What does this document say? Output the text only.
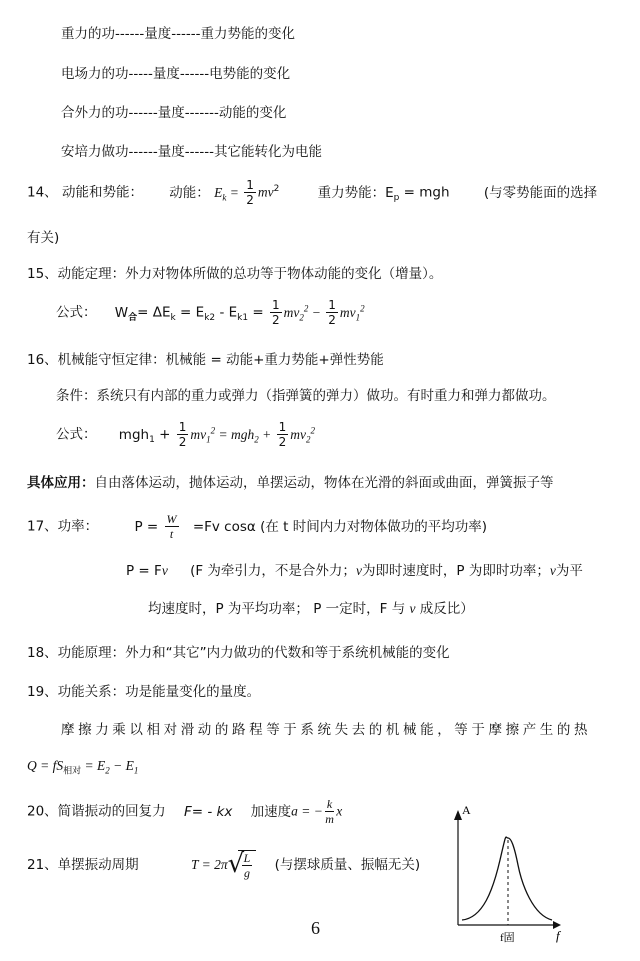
重力的功------量度------重力势能的变化
电场力的功-----量度------电势能的变化
合外力的功------量度-------动能的变化
安培力做功------量度------其它能转化为电能
14、 动能和势能： 动能： $E_k = \frac{1}{2} mv^2$	重力势能：$E_p$ = mgh	(与零势能面的选择
有关)
15、动能定理：外力对物体所做的总功等于物体动能的变化（增量）。
公式： $W_合= \Delta E_k = E_{k2} - E_{k1} = \frac{1}{2} mv_2^2 - \frac{1}{2} mv_1^2$
16、机械能守恒定律：机械能 = 动能+重力势能+弹性势能
条件：系统只有内部的重力或弹力（指弹簧的弹力）做功。有时重力和弹力都做功。
公式： $mgh_1 + \frac{1}{2} mv_1^2 = mgh_2 + \frac{1}{2} mv_2^2$
具体应用：自由落体运动，抛体运动，单摆运动，物体在光滑的斜面或曲面，弹簧振子等
17、功率：	$P = \frac{W}{t} =Fv$ cosα (在 t 时间内力对物体做功的平均功率)
P = Fv (F 为牵引力，不是合外力；v为即时速度时，P 为即时功率；v为平
均速度时，P 为平均功率； P 一定时，F 与 v 成反比）
18、功能原理：外力和“其它”内力做功的代数和等于系统机械能的变化
19、功能关系：功是能量变化的量度。
摩擦力乘以相对滑动的路程等于系统失去的机械能，等于摩擦产生的热
$Q = fS_{相对} = E_2 - E_1$
20、简谐振动的回复力 F= - kx 加速度a = − $\frac{k}{m}$ x
21、单摆振动周期	T = 2π √
$\frac{L}{g}$ (与摆球质量、振幅无关)
A
f
f固
6
